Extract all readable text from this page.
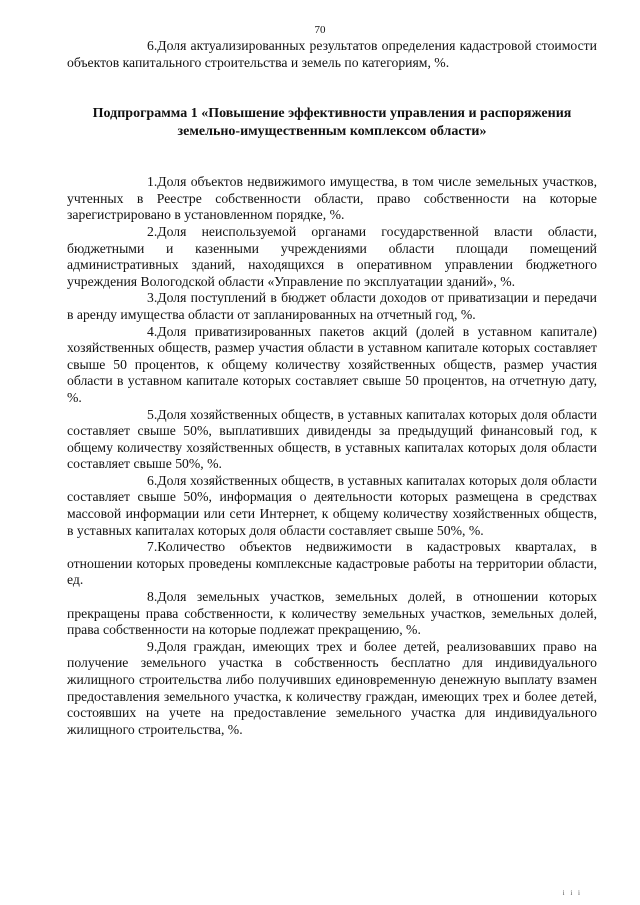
70

6.Доля актуализированных результатов определения кадастровой стоимости объектов капитального строительства и земель по категориям, %.

Подпрограмма 1 «Повышение эффективности управления и распоряжения земельно-имущественным комплексом области»

1.Доля объектов недвижимого имущества, в том числе земельных участков, учтенных в Реестре собственности области, право собственности на которые зарегистрировано в установленном порядке, %.

2.Доля неиспользуемой органами государственной власти области, бюджетными и казенными учреждениями области площади помещений административных зданий, находящихся в оперативном управлении бюджетного учреждения Вологодской области «Управление по эксплуатации зданий», %.

3.Доля поступлений в бюджет области доходов от приватизации и передачи в аренду имущества области от запланированных на отчетный год, %.

4.Доля приватизированных пакетов акций (долей в уставном капитале) хозяйственных обществ, размер участия области в уставном капитале которых составляет свыше 50 процентов, к общему количеству хозяйственных обществ, размер участия области в уставном капитале которых составляет свыше 50 процентов, на отчетную дату, %.

5.Доля хозяйственных обществ, в уставных капиталах которых доля области составляет свыше 50%, выплативших дивиденды за предыдущий финансовый год, к общему количеству хозяйственных обществ, в уставных капиталах которых доля области составляет свыше 50%, %.

6.Доля хозяйственных обществ, в уставных капиталах которых доля области составляет свыше 50%, информация о деятельности которых размещена в средствах массовой информации или сети Интернет, к общему количеству хозяйственных обществ, в уставных капиталах которых доля области составляет свыше 50%, %.

7.Количество объектов недвижимости в кадастровых кварталах, в отношении которых проведены комплексные кадастровые работы на территории области, ед.

8.Доля земельных участков, земельных долей, в отношении которых прекращены права собственности, к количеству земельных участков, земельных долей, права собственности на которые подлежат прекращению, %.

9.Доля граждан, имеющих трех и более детей, реализовавших право на получение земельного участка в собственность бесплатно для индивидуального жилищного строительства либо получивших единовременную денежную выплату взамен предоставления земельного участка, к количеству граждан, имеющих трех и более детей, состоявших на учете на предоставление земельного участка для индивидуального жилищного строительства, %.

i i i
